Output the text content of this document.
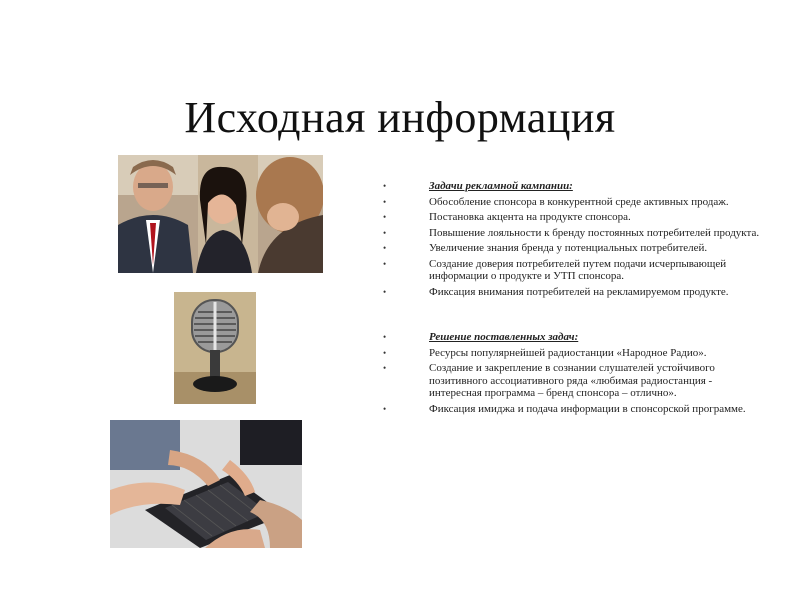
Исходная информация
•	Задачи рекламной кампании:
•	Обособление спонсора в конкурентной среде активных продаж.
•	Постановка акцента на продукте спонсора.
•	Повышение лояльности к бренду постоянных потребителей продукта.
•	Увеличение знания бренда у потенциальных потребителей.
•	Создание доверия потребителей путем подачи исчерпывающей информации о продукте и УТП спонсора.
•	Фиксация внимания потребителей на рекламируемом продукте.
•	Решение поставленных задач:
•	Ресурсы популярнейшей радиостанции «Народное Радио».
•	Создание и закрепление в сознании слушателей устойчивого позитивного ассоциативного ряда «любимая радиостанция - интересная программа – бренд спонсора – отлично».
•	Фиксация имиджа и подача информации в спонсорской программе.
